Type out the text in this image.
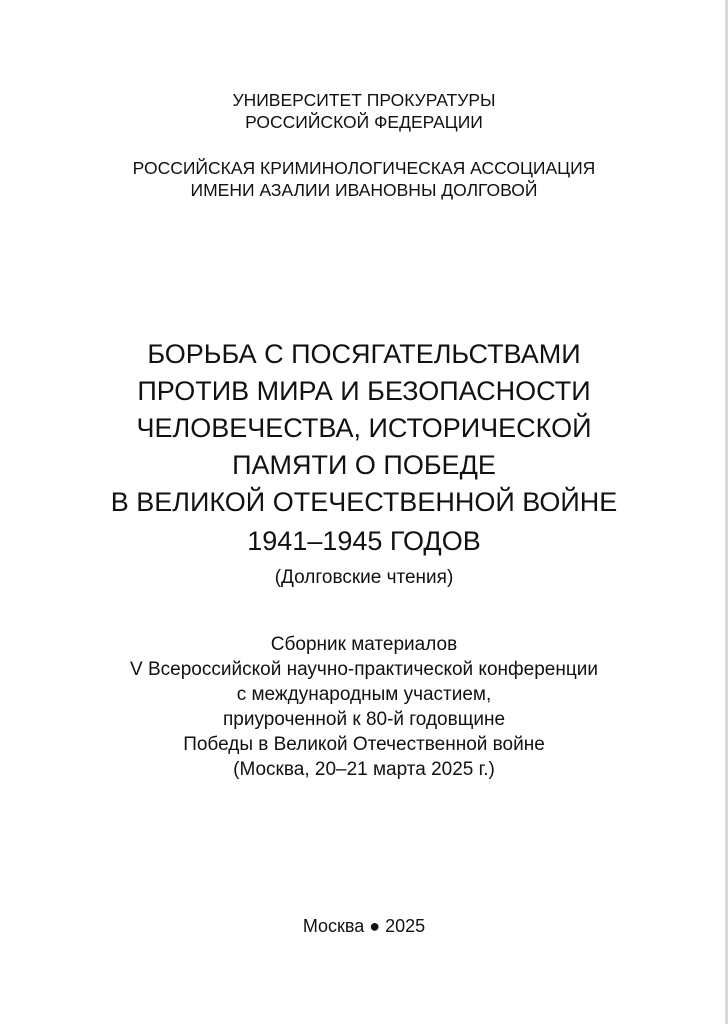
УНИВЕРСИТЕТ ПРОКУРАТУРЫ
РОССИЙСКОЙ ФЕДЕРАЦИИ
РОССИЙСКАЯ КРИМИНОЛОГИЧЕСКАЯ АССОЦИАЦИЯ
ИМЕНИ АЗАЛИИ ИВАНОВНЫ ДОЛГОВОЙ
БОРЬБА С ПОСЯГАТЕЛЬСТВАМИ
ПРОТИВ МИРА И БЕЗОПАСНОСТИ
ЧЕЛОВЕЧЕСТВА, ИСТОРИЧЕСКОЙ
ПАМЯТИ О ПОБЕДЕ
В ВЕЛИКОЙ ОТЕЧЕСТВЕННОЙ ВОЙНЕ
1941–1945 ГОДОВ
(Долговские чтения)
Сборник материалов
V Всероссийской научно-практической конференции
с международным участием,
приуроченной к 80-й годовщине
Победы в Великой Отечественной войне
(Москва, 20–21 марта 2025 г.)
Москва ● 2025
